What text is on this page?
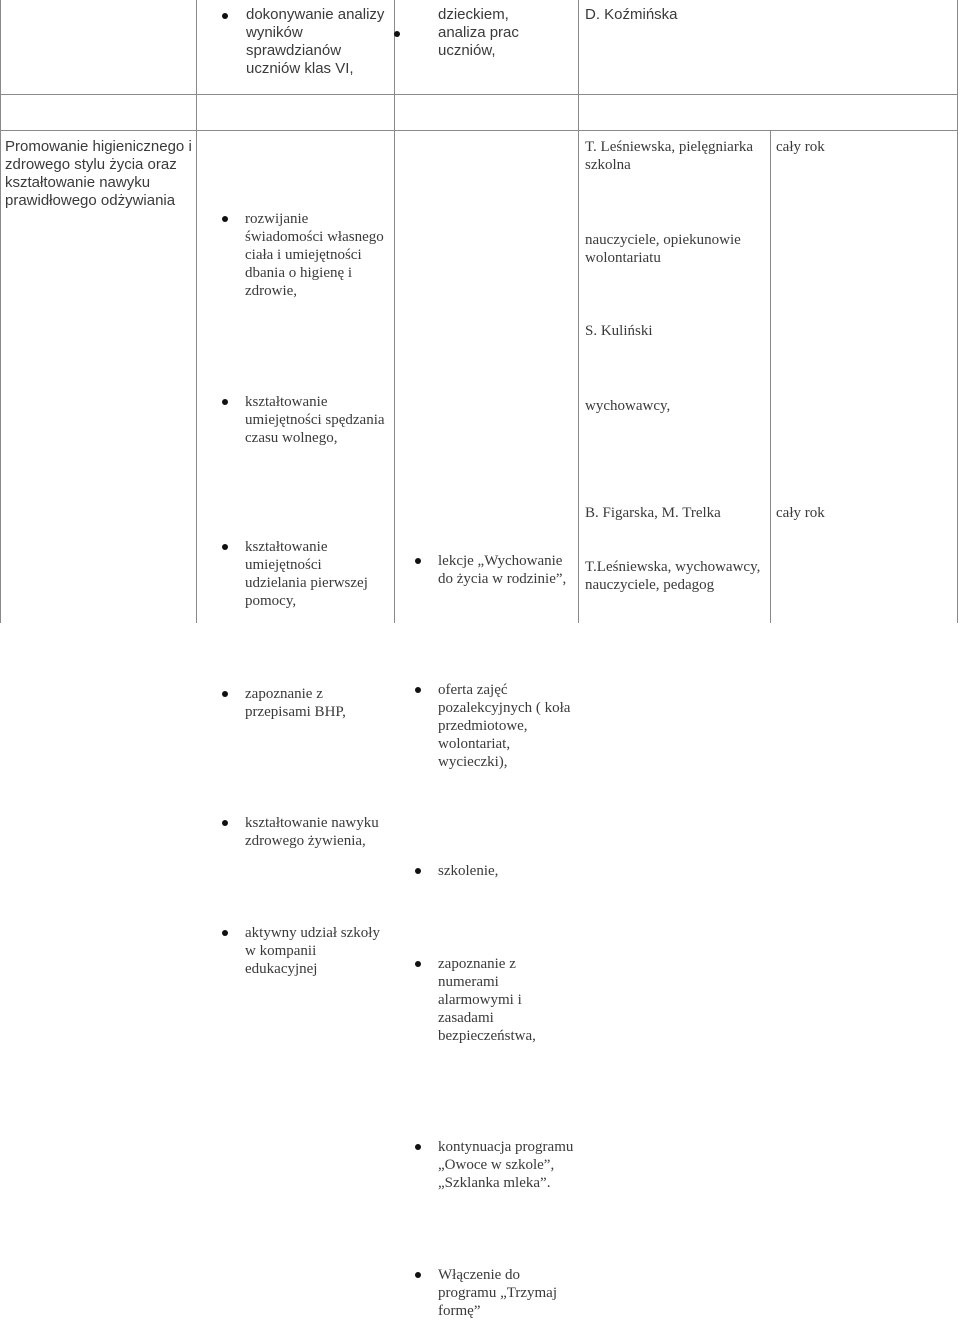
dokonywanie analizy wyników sprawdzianów uczniów klas VI,
dzieckiem,
analiza prac uczniów,
D. Koźmińska
Promowanie higienicznego i zdrowego stylu życia oraz kształtowanie nawyku prawidłowego odżywiania
rozwijanie świadomości własnego ciała i umiejętności dbania o higienę i zdrowie,
kształtowanie umiejętności spędzania czasu wolnego,
kształtowanie umiejętności udzielania pierwszej pomocy,
zapoznanie z przepisami BHP,
kształtowanie nawyku zdrowego żywienia,
aktywny udział szkoły w kompanii edukacyjnej
lekcje „Wychowanie do życia w rodzinie”,
oferta zajęć pozalekcyjnych ( koła przedmiotowe, wolontariat, wycieczki),
szkolenie,
zapoznanie z numerami alarmowymi i zasadami bezpieczeństwa,
kontynuacja programu „Owoce w szkole”, „Szklanka mleka”.
Włączenie do programu „Trzymaj formę”
T. Leśniewska, pielęgniarka szkolna
nauczyciele, opiekunowie wolontariatu
S. Kuliński
wychowawcy,
B. Figarska, M. Trelka
T.Leśniewska, wychowawcy, nauczyciele, pedagog
cały rok
cały rok
